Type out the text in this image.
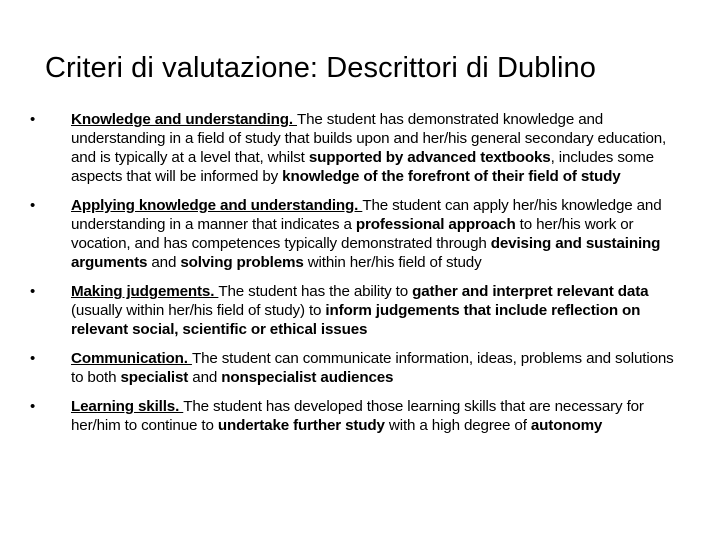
Criteri di valutazione: Descrittori di Dublino
•	Knowledge and understanding. The student has demonstrated knowledge and understanding in a field of study that builds upon and her/his general secondary education, and is typically at a level that, whilst supported by advanced textbooks, includes some aspects that will be informed by knowledge of the forefront of their field of study
•	Applying knowledge and understanding. The student can apply her/his knowledge and understanding in a manner that indicates a professional approach to her/his work or vocation, and has competences typically demonstrated through devising and sustaining arguments and solving problems within her/his field of study
•	Making judgements. The student has the ability to gather and interpret relevant data (usually within her/his field of study) to inform judgements that include reflection on relevant social, scientific or ethical issues
•	Communication. The student can communicate information, ideas, problems and solutions to both specialist and nonspecialist audiences
•	Learning skills. The student has developed those learning skills that are necessary for her/him to continue to undertake further study with a high degree of autonomy
